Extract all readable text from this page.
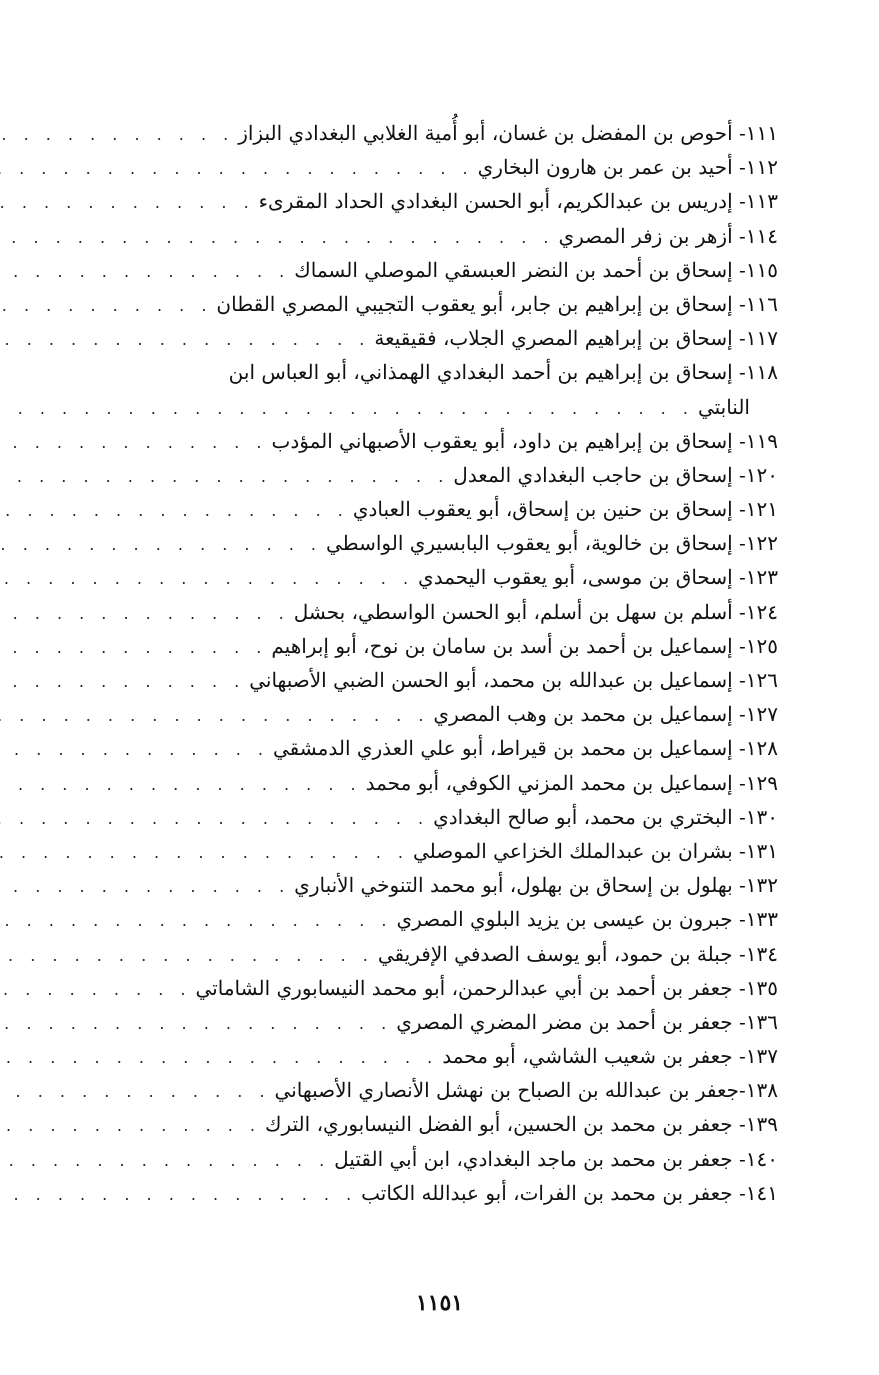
١١١- أحوص بن المفضل بن غسان، أبو أُمية الغلابي البغدادي البزاز
. . .
١١٢- أحيد بن عمر بن هارون البخاري
. . .
١١٣- إدريس بن عبدالكريم، أبو الحسن البغدادي الحداد المقرىء
. . .
١١٤- أزهر بن زفر المصري
. . .
١١٥- إسحاق بن أحمد بن النضر العبسقي الموصلي السماك
. . .
١١٦- إسحاق بن إبراهيم بن جابر، أبو يعقوب التجيبي المصري القطان
. . .
١١٧- إسحاق بن إبراهيم المصري الجلاب، فقيقيعة
. . .
١١٨- إسحاق بن إبراهيم بن أحمد البغدادي الهمذاني، أبو العباس ابن
النابتي
. . .
١١٩- إسحاق بن إبراهيم بن داود، أبو يعقوب الأصبهاني المؤدب
. . .
١٢٠- إسحاق بن حاجب البغدادي المعدل
. . .
١٢١- إسحاق بن حنين بن إسحاق، أبو يعقوب العبادي
. . .
١٢٢- إسحاق بن خالوية، أبو يعقوب البابسيري الواسطي
. . .
١٢٣- إسحاق بن موسى، أبو يعقوب اليحمدي
. . .
١٢٤- أسلم بن سهل بن أسلم، أبو الحسن الواسطي، بحشل
. . .
١٢٥- إسماعيل بن أحمد بن أسد بن سامان بن نوح، أبو إبراهيم
. . .
١٢٦- إسماعيل بن عبدالله بن محمد، أبو الحسن الضبي الأصبهاني
. . .
١٢٧- إسماعيل بن محمد بن وهب المصري
. . .
١٢٨- إسماعيل بن محمد بن قيراط، أبو علي العذري الدمشقي
. . .
١٢٩- إسماعيل بن محمد المزني الكوفي، أبو محمد
. . .
١٣٠- البختري بن محمد، أبو صالح البغدادي
. . .
١٣١- بشران بن عبدالملك الخزاعي الموصلي
. . .
١٣٢- بهلول بن إسحاق بن بهلول، أبو محمد التنوخي الأنباري
. . .
١٣٣- جبرون بن عيسى بن يزيد البلوي المصري
. . .
١٣٤- جبلة بن حمود، أبو يوسف الصدفي الإفريقي
. . .
١٣٥- جعفر بن أحمد بن أبي عبدالرحمن، أبو محمد النيسابوري الشاماتي
. . .
١٣٦- جعفر بن أحمد بن مضر المضري المصري
. . .
١٣٧- جعفر بن شعيب الشاشي، أبو محمد
. . .
١٣٨-جعفر بن عبدالله بن الصباح بن نهشل الأنصاري الأصبهاني
. . .
١٣٩- جعفر بن محمد بن الحسين، أبو الفضل النيسابوري، الترك
. . .
١٤٠- جعفر بن محمد بن ماجد البغدادي، ابن أبي القتيل
. . .
١٤١- جعفر بن محمد بن الفرات، أبو عبدالله الكاتب
. . .
١١٥١
